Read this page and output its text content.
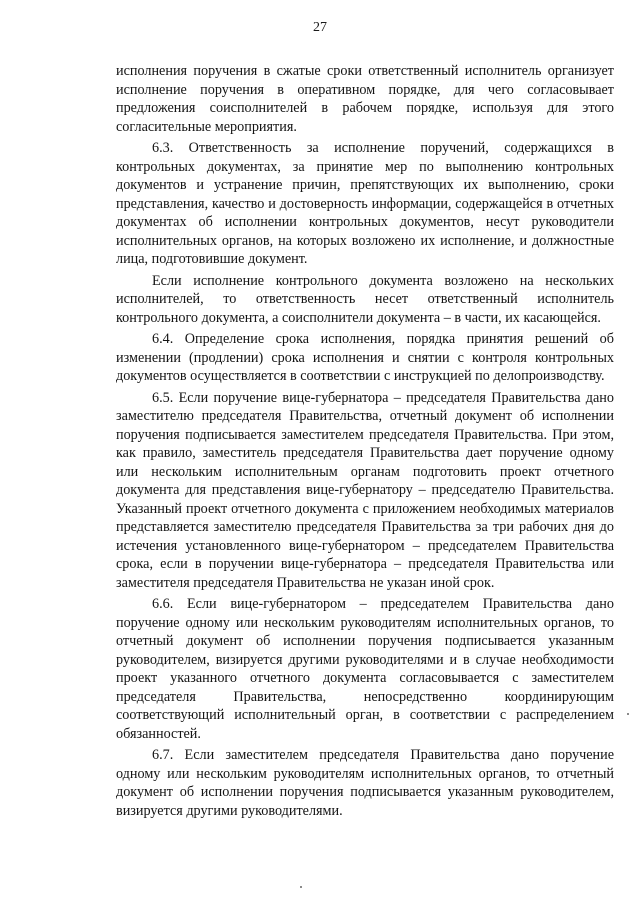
27

исполнения поручения в сжатые сроки ответственный исполнитель организует исполнение поручения в оперативном порядке, для чего согласовывает предложения соисполнителей в рабочем порядке, используя для этого согласительные мероприятия.

6.3. Ответственность за исполнение поручений, содержащихся в контрольных документах, за принятие мер по выполнению контрольных документов и устранение причин, препятствующих их выполнению, сроки представления, качество и достоверность информации, содержащейся в отчетных документах об исполнении контрольных документов, несут руководители исполнительных органов, на которых возложено их исполнение, и должностные лица, подготовившие документ.

Если исполнение контрольного документа возложено на нескольких исполнителей, то ответственность несет ответственный исполнитель контрольного документа, а соисполнители документа – в части, их касающейся.

6.4. Определение срока исполнения, порядка принятия решений об изменении (продлении) срока исполнения и снятии с контроля контрольных документов осуществляется в соответствии с инструкцией по делопроизводству.

6.5. Если поручение вице-губернатора – председателя Правительства дано заместителю председателя Правительства, отчетный документ об исполнении поручения подписывается заместителем председателя Правительства. При этом, как правило, заместитель председателя Правительства дает поручение одному или нескольким исполнительным органам подготовить проект отчетного документа для представления вице-губернатору – председателю Правительства. Указанный проект отчетного документа с приложением необходимых материалов представляется заместителю председателя Правительства за три рабочих дня до истечения установленного вице-губернатором – председателем Правительства срока, если в поручении вице-губернатора – председателя Правительства или заместителя председателя Правительства не указан иной срок.

6.6. Если вице-губернатором – председателем Правительства дано поручение одному или нескольким руководителям исполнительных органов, то отчетный документ об исполнении поручения подписывается указанным руководителем, визируется другими руководителями и в случае необходимости проект указанного отчетного документа согласовывается с заместителем председателя Правительства, непосредственно координирующим соответствующий исполнительный орган, в соответствии с распределением обязанностей.

6.7. Если заместителем председателя Правительства дано поручение одному или нескольким руководителям исполнительных органов, то отчетный документ об исполнении поручения подписывается указанным руководителем, визируется другими руководителями.
